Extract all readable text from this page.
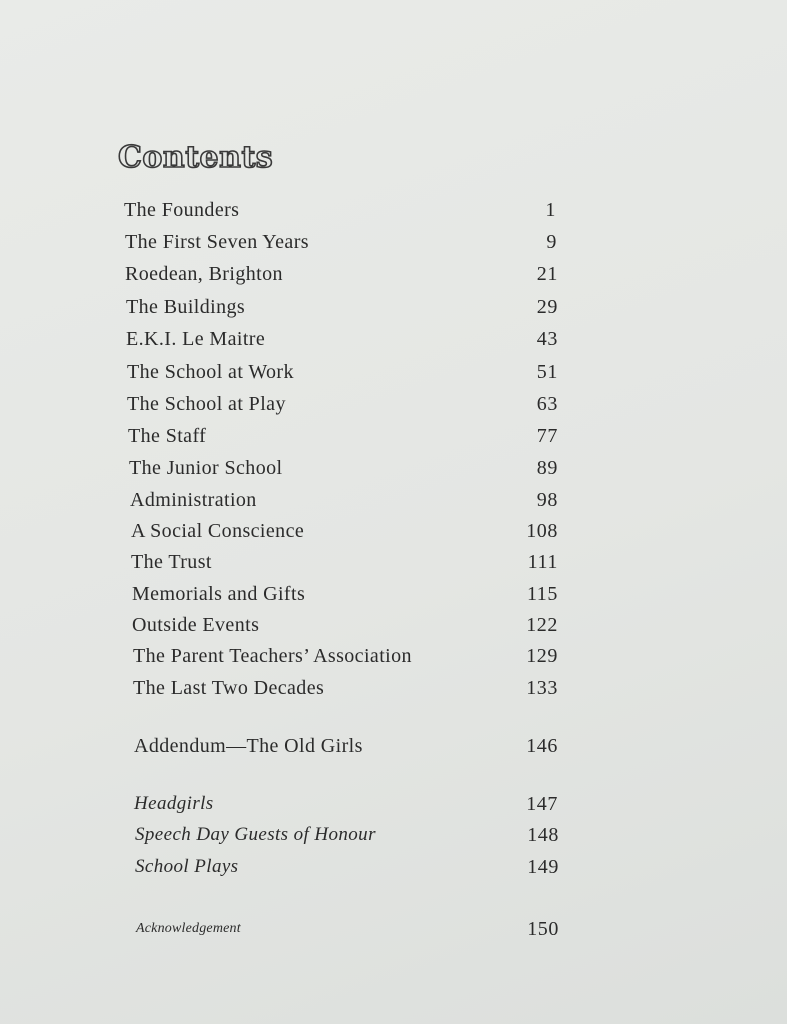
Contents
The Founders	1
The First Seven Years	9
Roedean, Brighton	21
The Buildings	29
E.K.I. Le Maitre	43
The School at Work	51
The School at Play	63
The Staff	77
The Junior School	89
Administration	98
A Social Conscience	108
The Trust	111
Memorials and Gifts	115
Outside Events	122
The Parent Teachers’ Association	129
The Last Two Decades	133
Addendum—The Old Girls	146
Headgirls	147
Speech Day Guests of Honour	148
School Plays	149
Acknowledgement	150
